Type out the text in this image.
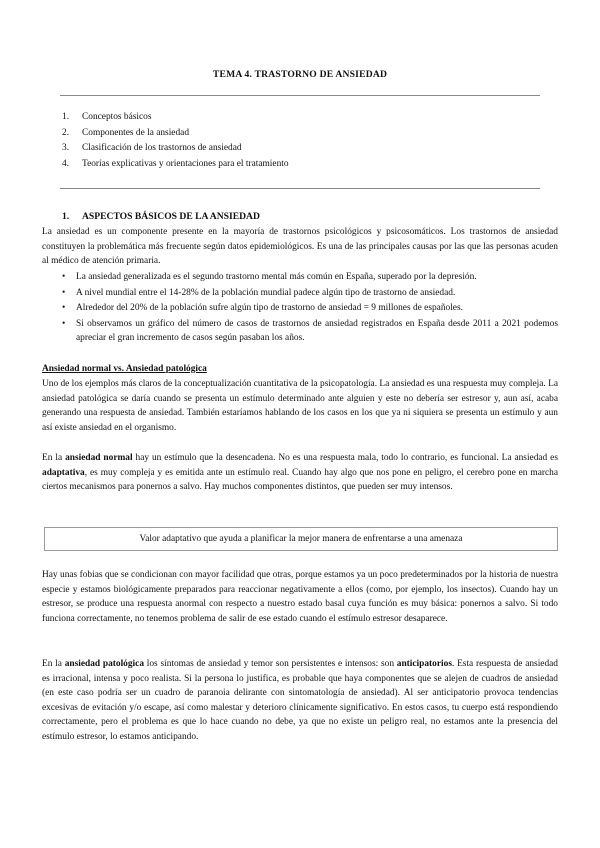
TEMA 4. TRASTORNO DE ANSIEDAD
1.	Conceptos básicos
2.	Componentes de la ansiedad
3.	Clasificación de los trastornos de ansiedad
4.	Teorías explicativas y orientaciones para el tratamiento
1. ASPECTOS BÁSICOS DE LA ANSIEDAD

La ansiedad es un componente presente en la mayoría de trastornos psicológicos y psicosomáticos. Los trastornos de ansiedad constituyen la problemática más frecuente según datos epidemiológicos. Es una de las principales causas por las que las personas acuden al médico de atención primaria.

• La ansiedad generalizada es el segundo trastorno mental más común en España, superado por la depresión.
• A nivel mundial entre el 14-28% de la población mundial padece algún tipo de trastorno de ansiedad.
• Alrededor del 20% de la población sufre algún tipo de trastorno de ansiedad = 9 millones de españoles.
• Si observamos un gráfico del número de casos de trastornos de ansiedad registrados en España desde 2011 a 2021 podemos apreciar el gran incremento de casos según pasaban los años.
Ansiedad normal vs. Ansiedad patológica

Uno de los ejemplos más claros de la conceptualización cuantitativa de la psicopatología. La ansiedad es una respuesta muy compleja. La ansiedad patológica se daría cuando se presenta un estímulo determinado ante alguien y este no debería ser estresor y, aun así, acaba generando una respuesta de ansiedad. También estaríamos hablando de los casos en los que ya ni siquiera se presenta un estímulo y aun así existe ansiedad en el organismo.

En la ansiedad normal hay un estímulo que la desencadena. No es una respuesta mala, todo lo contrario, es funcional. La ansiedad es adaptativa, es muy compleja y es emitida ante un estímulo real. Cuando hay algo que nos pone en peligro, el cerebro pone en marcha ciertos mecanismos para ponernos a salvo. Hay muchos componentes distintos, que pueden ser muy intensos.

Valor adaptativo que ayuda a planificar la mejor manera de enfrentarse a una amenaza

Hay unas fobias que se condicionan con mayor facilidad que otras, porque estamos ya un poco predeterminados por la historia de nuestra especie y estamos biológicamente preparados para reaccionar negativamente a ellos (como, por ejemplo, los insectos). Cuando hay un estresor, se produce una respuesta anormal con respecto a nuestro estado basal cuya función es muy básica: ponernos a salvo. Si todo funciona correctamente, no tenemos problema de salir de ese estado cuando el estímulo estresor desaparece.

En la ansiedad patológica los síntomas de ansiedad y temor son persistentes e intensos: son anticipatorios. Esta respuesta de ansiedad es irracional, intensa y poco realista. Si la persona lo justifica, es probable que haya componentes que se alejen de cuadros de ansiedad (en este caso podría ser un cuadro de paranoia delirante con sintomatología de ansiedad). Al ser anticipatorio provoca tendencias excesivas de evitación y/o escape, así como malestar y deterioro clínicamente significativo. En estos casos, tu cuerpo está respondiendo correctamente, pero el problema es que lo hace cuando no debe, ya que no existe un peligro real, no estamos ante la presencia del estímulo estresor, lo estamos anticipando.
